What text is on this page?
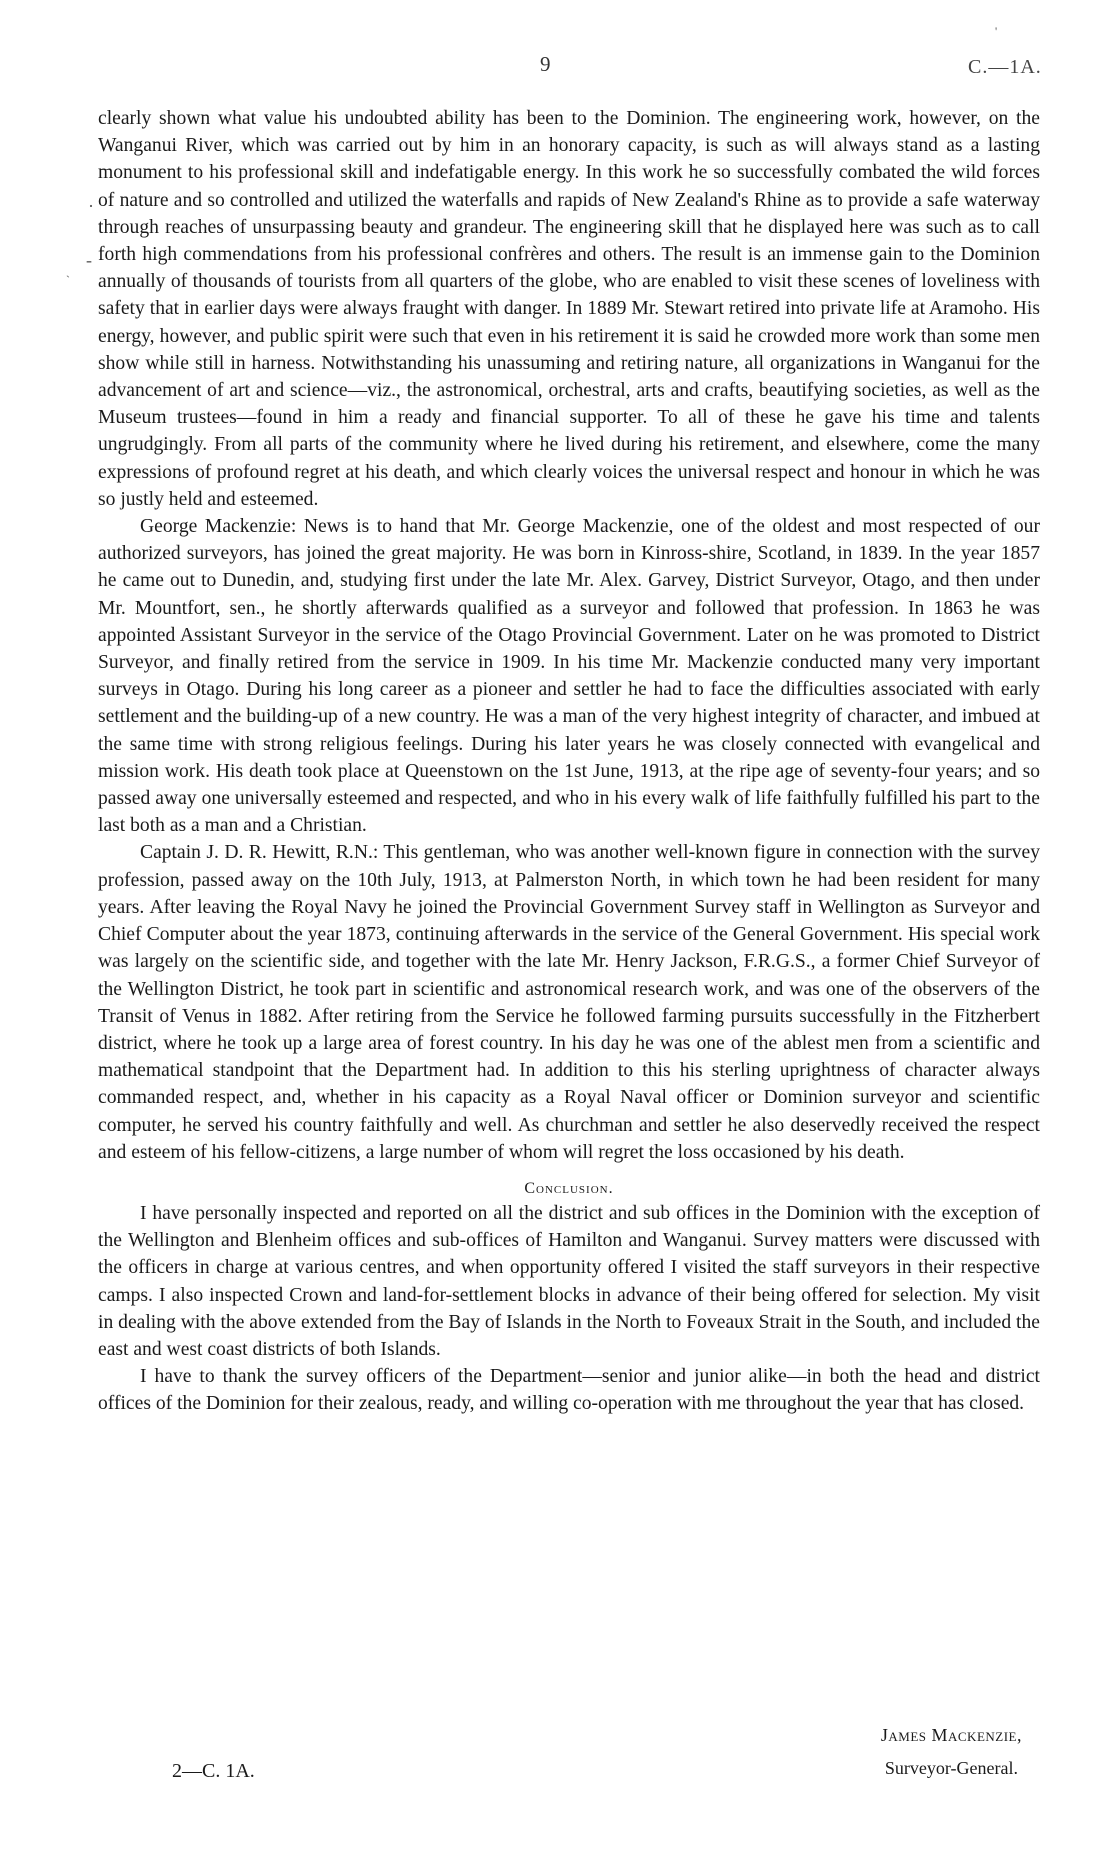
'
9	C.—1A.
·
-
ˎ

clearly shown what value his undoubted ability has been to the Dominion. The engineering work, however, on the Wanganui River, which was carried out by him in an honorary capacity, is such as will always stand as a lasting monument to his professional skill and indefatigable energy. In this work he so successfully combated the wild forces of nature and so controlled and utilized the waterfalls and rapids of New Zealand's Rhine as to provide a safe waterway through reaches of unsurpassing beauty and grandeur. The engineering skill that he displayed here was such as to call forth high commendations from his professional confrères and others. The result is an immense gain to the Dominion annually of thousands of tourists from all quarters of the globe, who are enabled to visit these scenes of loveliness with safety that in earlier days were always fraught with danger. In 1889 Mr. Stewart retired into private life at Aramoho. His energy, however, and public spirit were such that even in his retirement it is said he crowded more work than some men show while still in harness. Notwithstanding his unassuming and retiring nature, all organizations in Wanganui for the advancement of art and science—viz., the astronomical, orchestral, arts and crafts, beautifying societies, as well as the Museum trustees—found in him a ready and financial supporter. To all of these he gave his time and talents ungrudgingly. From all parts of the community where he lived during his retirement, and elsewhere, come the many expressions of profound regret at his death, and which clearly voices the universal respect and honour in which he was so justly held and esteemed.

George Mackenzie: News is to hand that Mr. George Mackenzie, one of the oldest and most respected of our authorized surveyors, has joined the great majority. He was born in Kinross-shire, Scotland, in 1839. In the year 1857 he came out to Dunedin, and, studying first under the late Mr. Alex. Garvey, District Surveyor, Otago, and then under Mr. Mountfort, sen., he shortly afterwards qualified as a surveyor and followed that profession. In 1863 he was appointed Assistant Surveyor in the service of the Otago Provincial Government. Later on he was promoted to District Surveyor, and finally retired from the service in 1909. In his time Mr. Mackenzie conducted many very important surveys in Otago. During his long career as a pioneer and settler he had to face the difficulties associated with early settlement and the building-up of a new country. He was a man of the very highest integrity of character, and imbued at the same time with strong religious feelings. During his later years he was closely connected with evangelical and mission work. His death took place at Queenstown on the 1st June, 1913, at the ripe age of seventy-four years; and so passed away one universally esteemed and respected, and who in his every walk of life faithfully fulfilled his part to the last both as a man and a Christian.

Captain J. D. R. Hewitt, R.N.: This gentleman, who was another well-known figure in connection with the survey profession, passed away on the 10th July, 1913, at Palmerston North, in which town he had been resident for many years. After leaving the Royal Navy he joined the Provincial Government Survey staff in Wellington as Surveyor and Chief Computer about the year 1873, continuing afterwards in the service of the General Government. His special work was largely on the scientific side, and together with the late Mr. Henry Jackson, F.R.G.S., a former Chief Surveyor of the Wellington District, he took part in scientific and astronomical research work, and was one of the observers of the Transit of Venus in 1882. After retiring from the Service he followed farming pursuits successfully in the Fitzherbert district, where he took up a large area of forest country. In his day he was one of the ablest men from a scientific and mathematical standpoint that the Department had. In addition to this his sterling uprightness of character always commanded respect, and, whether in his capacity as a Royal Naval officer or Dominion surveyor and scientific computer, he served his country faithfully and well. As churchman and settler he also deservedly received the respect and esteem of his fellow-citizens, a large number of whom will regret the loss occasioned by his death.

Conclusion.

I have personally inspected and reported on all the district and sub offices in the Dominion with the exception of the Wellington and Blenheim offices and sub-offices of Hamilton and Wanganui. Survey matters were discussed with the officers in charge at various centres, and when opportunity offered I visited the staff surveyors in their respective camps. I also inspected Crown and land-for-settlement blocks in advance of their being offered for selection. My visit in dealing with the above extended from the Bay of Islands in the North to Foveaux Strait in the South, and included the east and west coast districts of both Islands.

I have to thank the survey officers of the Department—senior and junior alike—in both the head and district offices of the Dominion for their zealous, ready, and willing co-operation with me throughout the year that has closed.

James Mackenzie,
2—C. 1A.	Surveyor-General.
